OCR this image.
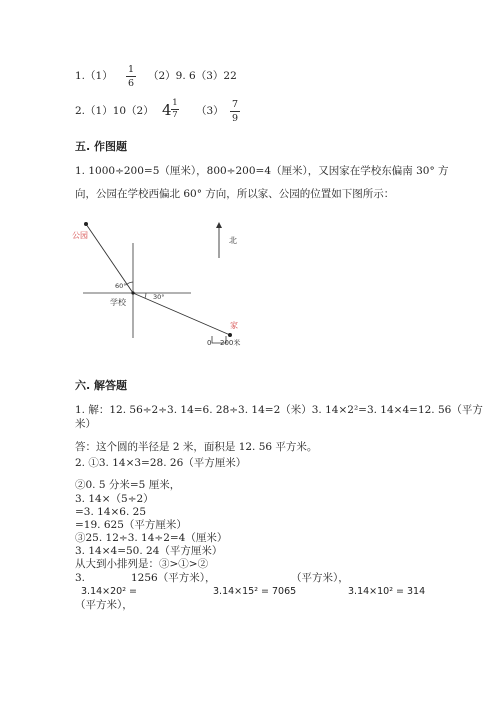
1.（1）
1
6
（2）9. 6（3）22
2.（1）10（2） 4 1
7 （3）
7
9
五. 作图题
1. 1000÷200=5（厘米），800÷200=4（厘米），又因家在学校东偏南 30° 方
向，公园在学校西偏北 60° 方向，所以家、公园的位置如下图所示：
公园
60°
30°
学校
家
北
0 200米
六. 解答题
1. 解：12. 56÷2÷3. 14=6. 28÷3. 14=2（米）3. 14×2²=3. 14×4=12. 56（平方
米）
答：这个圆的半径是 2 米，面积是 12. 56 平方米。
2. ①3. 14×3=28. 26（平方厘米）
②0. 5 分米=5 厘米，
3. 14×（5÷2）
=3. 14×6. 25
=19. 625（平方厘米）
③25. 12÷3. 14÷2=4（厘米）
3. 14×4=50. 24（平方厘米）
从大到小排列是：③>①>②
3.	1256（平方米），	（平方米），
3.14×20² =	3.14×15² = 7065	3.14×10² = 314
（平方米），
